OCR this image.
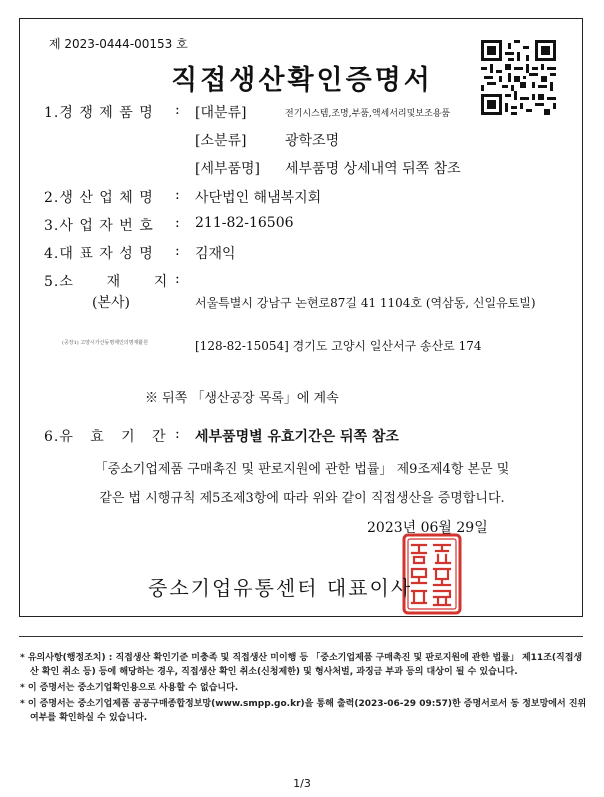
제 2023-0444-00153 호
직접생산확인증명서
1.경 쟁 제 품 명 : [대분류]	전기시스템,조명,부품,액세서리및보조용품
[소분류]	광학조명
[세부품명] 세부품명 상세내역 뒤쪽 참조
2.생 산 업 체 명 : 사단법인 해냄복지회
3.사 업 자 번 호 : 211-82-16506
4.대 표 자 성 명 : 김재익
5.소      재      지 :
(본사)	서울특별시 강남구 논현로87길 41 1104호 (역삼동, 신일유토빌)
(공장1) 고양시가산동명제인의명재활원	[128-82-15054] 경기도 고양시 일산서구 송산로 174
※ 뒤쪽 「생산공장 목록」에 계속
6.유   효   기   간 : 세부품명별 유효기간은 뒤쪽 참조
「중소기업제품 구매촉진 및 판로지원에 관한 법률」 제9조제4항 본문 및
같은 법 시행규칙 제5조제3항에 따라 위와 같이 직접생산을 증명합니다.
2023년 06월 29일
중소기업유통센터 대표이사
* 유의사항(행정조치) : 직접생산 확인기준 미충족 및 직접생산 미이행 등 「중소기업제품 구매촉진 및 판로지원에 관한 법률」 제11조(직접생산 확인 취소 등) 등에 해당하는 경우, 직접생산 확인 취소(신청제한) 및 형사처벌, 과징금 부과 등의 대상이 될 수 있습니다.
* 이 증명서는 중소기업확인용으로 사용할 수 없습니다.
* 이 증명서는 중소기업제품 공공구매종합정보망(www.smpp.go.kr)을 통해 출력(2023-06-29 09:57)한 증명서로서 동 정보망에서 진위여부를 확인하실 수 있습니다.
1/3
